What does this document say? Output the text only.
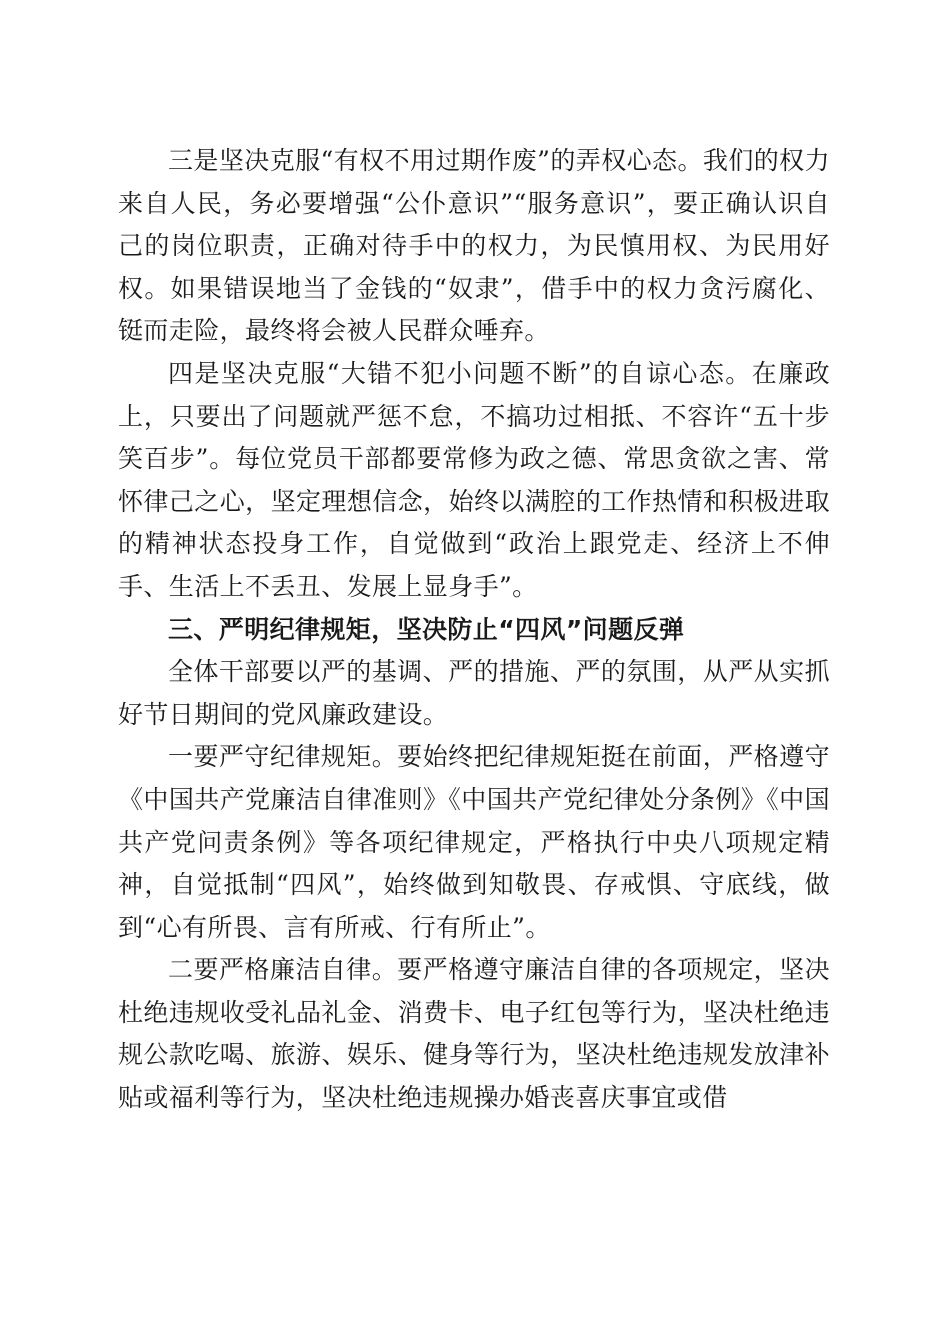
三是坚决克服“有权不用过期作废”的弄权心态。我们的权力来自人民，务必要增强“公仆意识”“服务意识”，要正确认识自己的岗位职责，正确对待手中的权力，为民慎用权、为民用好权。如果错误地当了金钱的“奴隶”，借手中的权力贪污腐化、铤而走险，最终将会被人民群众唾弃。

四是坚决克服“大错不犯小问题不断”的自谅心态。在廉政上，只要出了问题就严惩不怠，不搞功过相抵、不容许“五十步笑百步”。每位党员干部都要常修为政之德、常思贪欲之害、常怀律己之心，坚定理想信念，始终以满腔的工作热情和积极进取的精神状态投身工作，自觉做到“政治上跟党走、经济上不伸手、生活上不丢丑、发展上显身手”。

三、严明纪律规矩，坚决防止“四风”问题反弹

全体干部要以严的基调、严的措施、严的氛围，从严从实抓好节日期间的党风廉政建设。

一要严守纪律规矩。要始终把纪律规矩挺在前面，严格遵守《中国共产党廉洁自律准则》《中国共产党纪律处分条例》《中国共产党问责条例》等各项纪律规定，严格执行中央八项规定精神，自觉抵制“四风”，始终做到知敬畏、存戒惧、守底线，做到“心有所畏、言有所戒、行有所止”。

二要严格廉洁自律。要严格遵守廉洁自律的各项规定，坚决杜绝违规收受礼品礼金、消费卡、电子红包等行为，坚决杜绝违规公款吃喝、旅游、娱乐、健身等行为，坚决杜绝违规发放津补贴或福利等行为，坚决杜绝违规操办婚丧喜庆事宜或借
